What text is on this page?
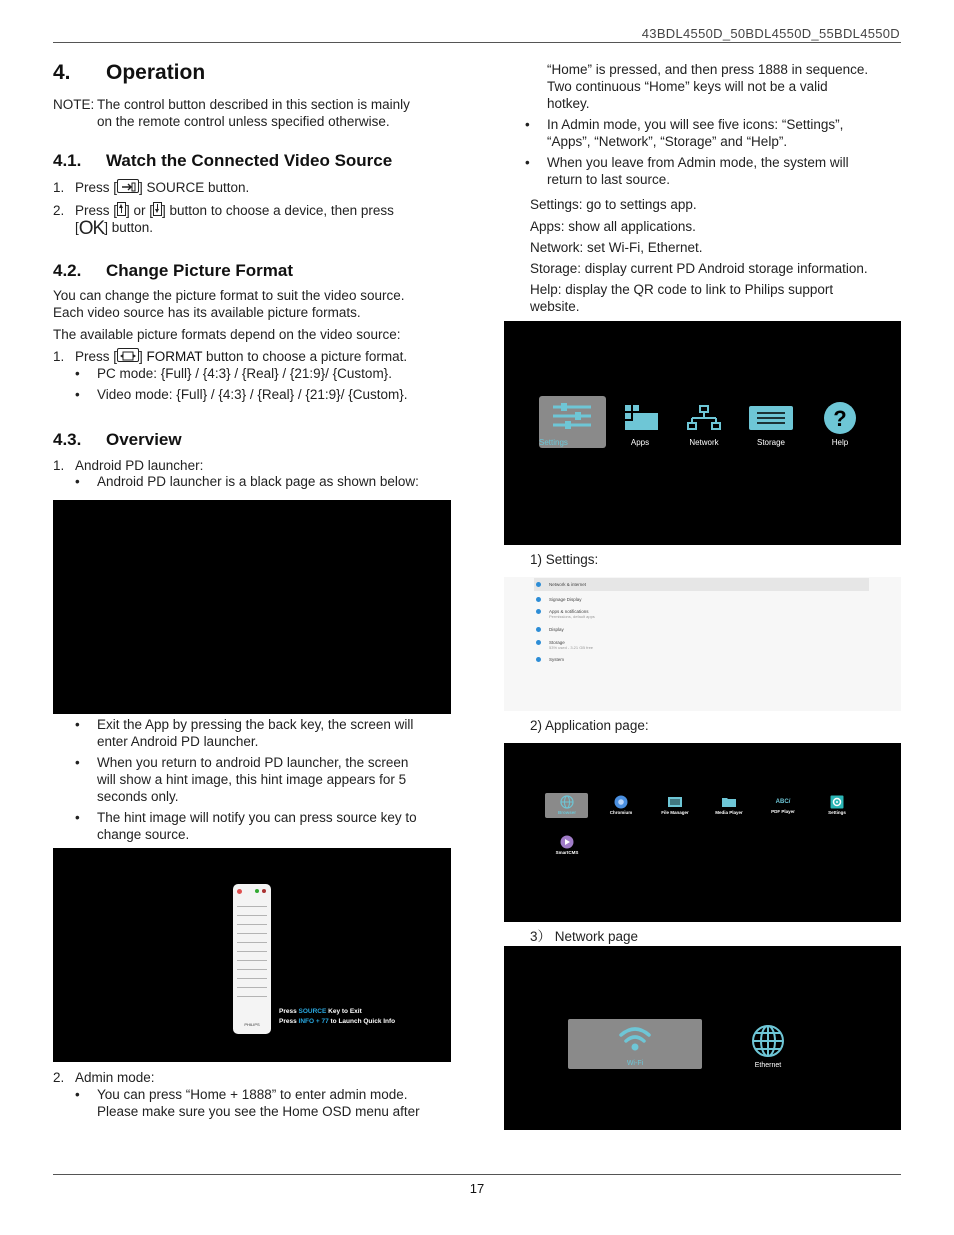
43BDL4550D_50BDL4550D_55BDL4550D
4. Operation
NOTE: The control button described in this section is mainly
on the remote control unless specified otherwise.
4.1. Watch the Connected Video Source
1. Press [ ] SOURCE button.
2. Press [ ] or [ ] button to choose a device, then press
[OK] button.
4.2. Change Picture Format
You can change the picture format to suit the video source.
Each video source has its available picture formats.
The available picture formats depend on the video source:
1. Press [ ] FORMAT button to choose a picture format.
• PC mode: {Full} / {4:3} / {Real} / {21:9}/ {Custom}.
• Video mode: {Full} / {4:3} / {Real} / {21:9}/ {Custom}.
4.3. Overview
1. Android PD launcher:
• Android PD launcher is a black page as shown below:
• Exit the App by pressing the back key, the screen will
enter Android PD launcher.
• When you return to android PD launcher, the screen
will show a hint image, this hint image appears for 5
seconds only.
• The hint image will notify you can press source key to
change source.
PHILIPS
Press SOURCE Key to Exit
Press INFO + 77 to Launch Quick Info
2. Admin mode:
• You can press “Home + 1888” to enter admin mode.
Please make sure you see the Home OSD menu after
“Home” is pressed, and then press 1888 in sequence.
Two continuous “Home” keys will not be a valid
hotkey.
• In Admin mode, you will see five icons: “Settings”,
“Apps”, “Network”, “Storage” and “Help”.
• When you leave from Admin mode, the system will
return to last source.
Settings: go to settings app.
Apps: show all applications.
Network: set Wi-Fi, Ethernet.
Storage: display current PD Android storage information.
Help: display the QR code to link to Philips support
website.
Settings	Apps	Network	Storage
?
Help
1) Settings:
Network & internet
Signage Display
Apps & notifications
Permissions, default apps
Display
Storage
53% used - 3.21 GB free
System
2) Application page:
Browser	Chromium	File Manager	Media Player
ABCi
PDF Player	Settings
SmartCMS
3） Network page
Wi-Fi	Ethernet
17
